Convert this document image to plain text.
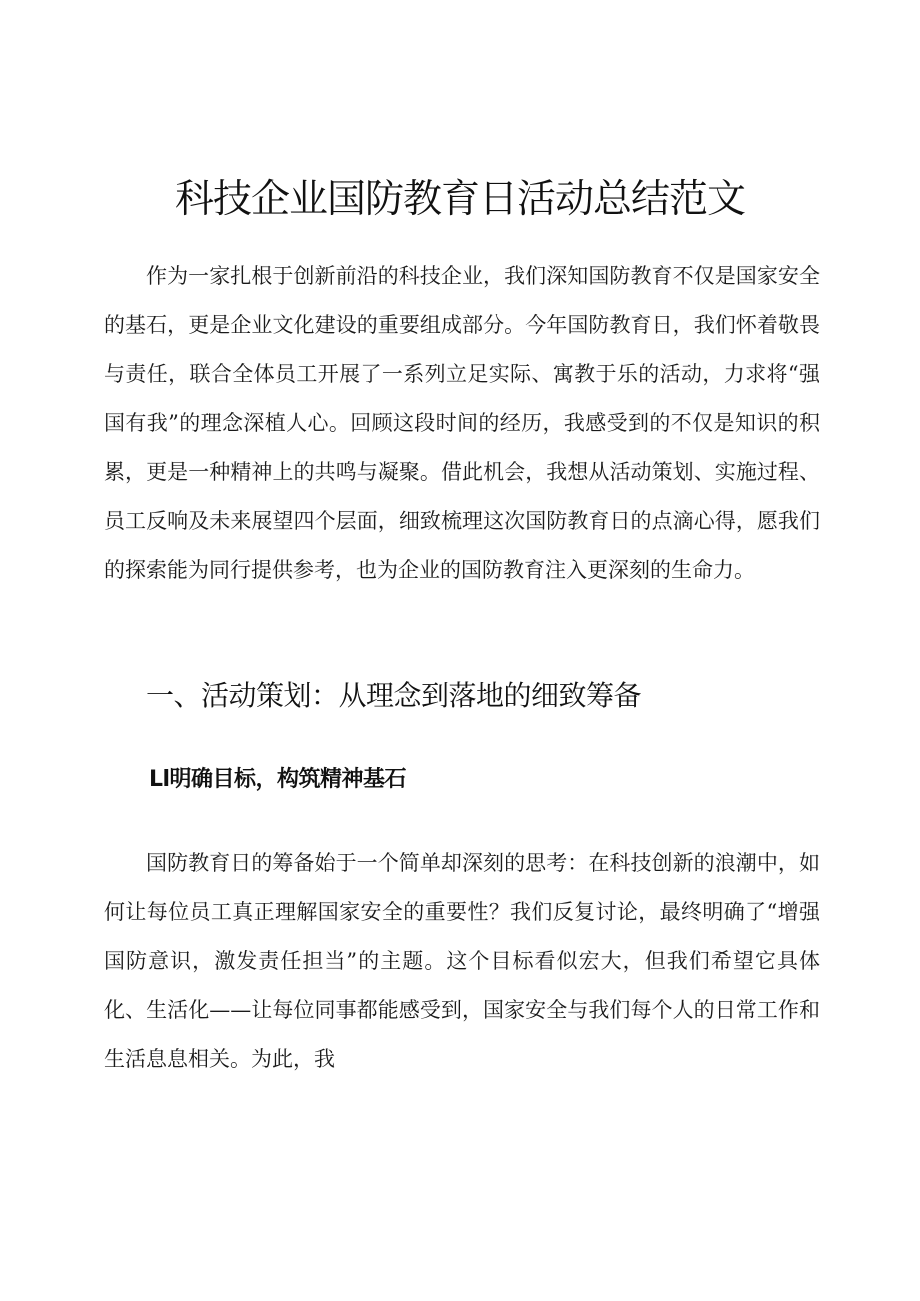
科技企业国防教育日活动总结范文

作为一家扎根于创新前沿的科技企业，我们深知国防教育不仅是国家安全的基石，更是企业文化建设的重要组成部分。今年国防教育日，我们怀着敬畏与责任，联合全体员工开展了一系列立足实际、寓教于乐的活动，力求将“强国有我”的理念深植人心。回顾这段时间的经历，我感受到的不仅是知识的积累，更是一种精神上的共鸣与凝聚。借此机会，我想从活动策划、实施过程、员工反响及未来展望四个层面，细致梳理这次国防教育日的点滴心得，愿我们的探索能为同行提供参考，也为企业的国防教育注入更深刻的生命力。

一、活动策划：从理念到落地的细致筹备
Ll明确目标，构筑精神基石

国防教育日的筹备始于一个简单却深刻的思考：在科技创新的浪潮中，如何让每位员工真正理解国家安全的重要性？我们反复讨论，最终明确了“增强国防意识，激发责任担当”的主题。这个目标看似宏大，但我们希望它具体化、生活化——让每位同事都能感受到，国家安全与我们每个人的日常工作和生活息息相关。为此，我
